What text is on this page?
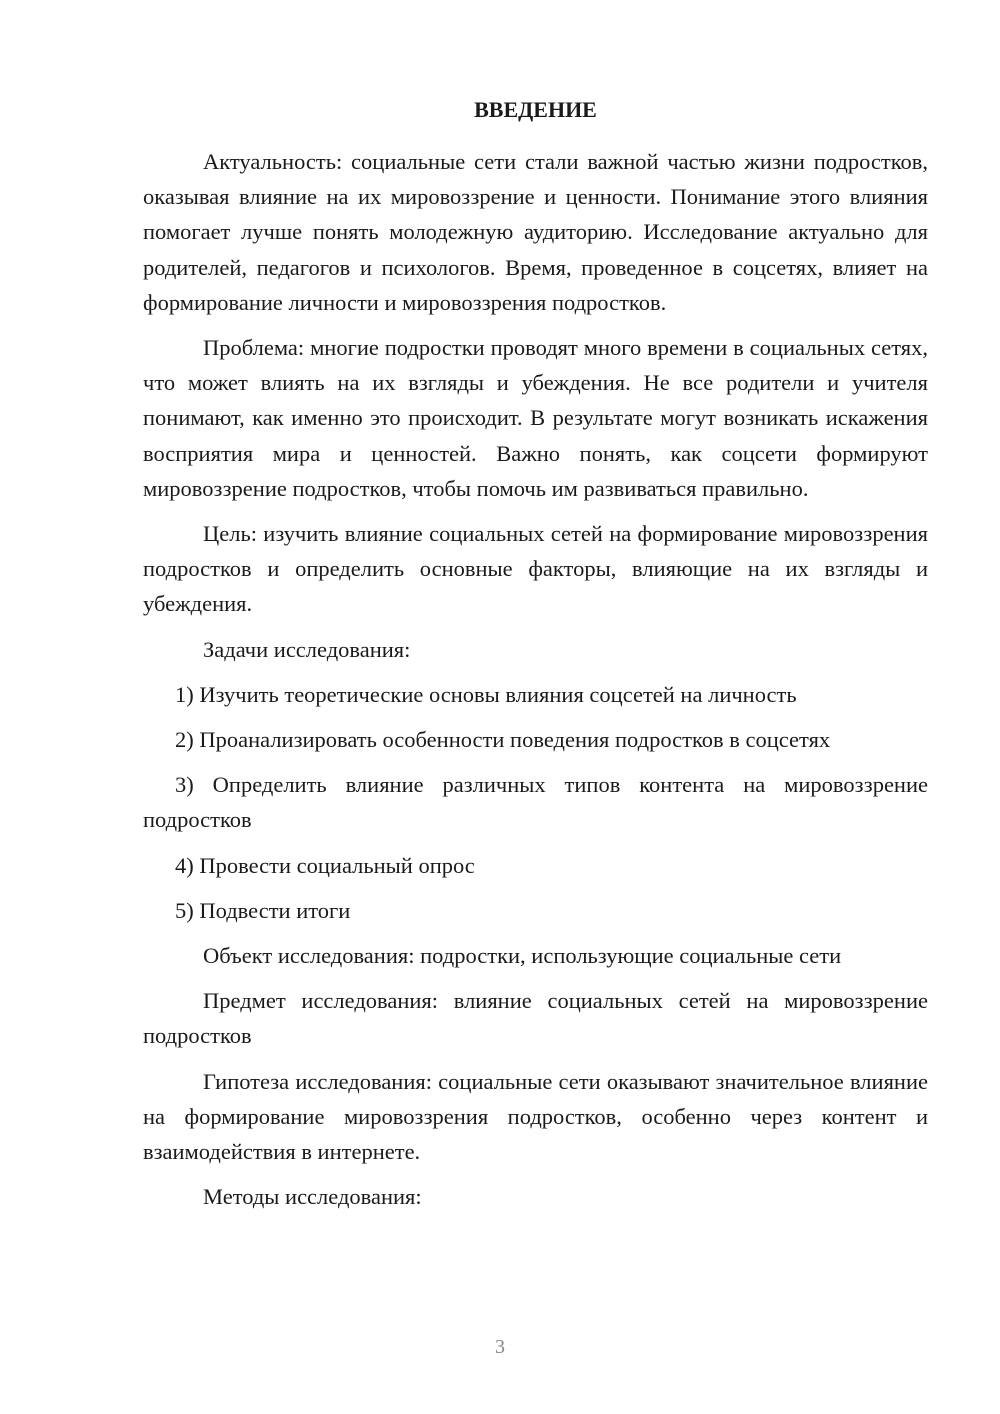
ВВЕДЕНИЕ

Актуальность: социальные сети стали важной частью жизни подростков, оказывая влияние на их мировоззрение и ценности. Понимание этого влияния помогает лучше понять молодежную аудиторию. Исследование актуально для родителей, педагогов и психологов. Время, проведенное в соцсетях, влияет на формирование личности и мировоззрения подростков.

Проблема: многие подростки проводят много времени в социальных сетях, что может влиять на их взгляды и убеждения. Не все родители и учителя понимают, как именно это происходит. В результате могут возникать искажения восприятия мира и ценностей. Важно понять, как соцсети формируют мировоззрение подростков, чтобы помочь им развиваться правильно.

Цель: изучить влияние социальных сетей на формирование мировоззрения подростков и определить основные факторы, влияющие на их взгляды и убеждения.

Задачи исследования:

1) Изучить теоретические основы влияния соцсетей на личность

2) Проанализировать особенности поведения подростков в соцсетях

3) Определить влияние различных типов контента на мировоззрение подростков

4) Провести социальный опрос

5) Подвести итоги

Объект исследования: подростки, использующие социальные сети

Предмет исследования: влияние социальных сетей на мировоззрение подростков

Гипотеза исследования: социальные сети оказывают значительное влияние на формирование мировоззрения подростков, особенно через контент и взаимодействия в интернете.

Методы исследования:

3
